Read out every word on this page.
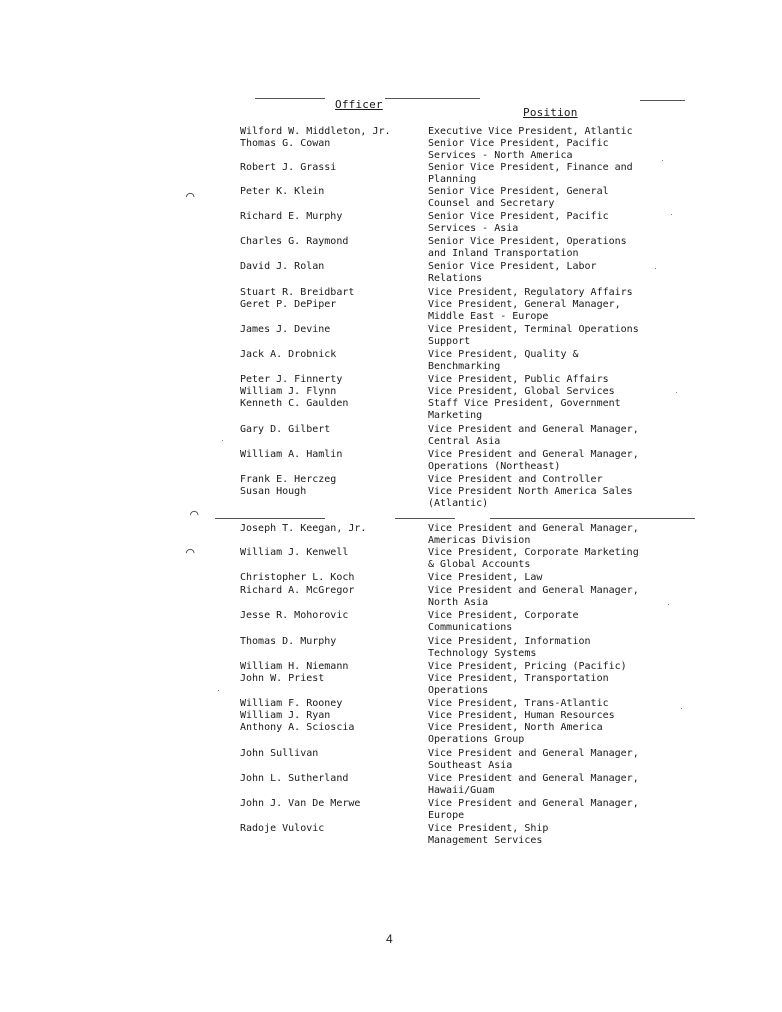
⌒
⌒
⌒
Officer
Position
Wilford W. Middleton, Jr.	Executive Vice President, Atlantic
Thomas G. Cowan	Senior Vice President, Pacific
Services - North America
Robert J. Grassi	Senior Vice President, Finance and
Planning
Peter K. Klein	Senior Vice President, General
Counsel and Secretary
Richard E. Murphy	Senior Vice President, Pacific
Services - Asia
Charles G. Raymond	Senior Vice President, Operations
and Inland Transportation
David J. Rolan	Senior Vice President, Labor
Relations
Stuart R. Breidbart	Vice President, Regulatory Affairs
Geret P. DePiper	Vice President, General Manager,
Middle East - Europe
James J. Devine	Vice President, Terminal Operations
Support
Jack A. Drobnick	Vice President, Quality &
Benchmarking
Peter J. Finnerty	Vice President, Public Affairs
William J. Flynn	Vice President, Global Services
Kenneth C. Gaulden	Staff Vice President, Government
Marketing
Gary D. Gilbert	Vice President and General Manager,
Central Asia
William A. Hamlin	Vice President and General Manager,
Operations (Northeast)
Frank E. Herczeg	Vice President and Controller
Susan Hough	Vice President North America Sales
(Atlantic)
Joseph T. Keegan, Jr.	Vice President and General Manager,
Americas Division
William J. Kenwell	Vice President, Corporate Marketing
& Global Accounts
Christopher L. Koch	Vice President, Law
Richard A. McGregor	Vice President and General Manager,
North Asia
Jesse R. Mohorovic	Vice President, Corporate
Communications
Thomas D. Murphy	Vice President, Information
Technology Systems
William H. Niemann	Vice President, Pricing (Pacific)
John W. Priest	Vice President, Transportation
Operations
William F. Rooney	Vice President, Trans-Atlantic
William J. Ryan	Vice President, Human Resources
Anthony A. Scioscia	Vice President, North America
Operations Group
John Sullivan	Vice President and General Manager,
Southeast Asia
John L. Sutherland	Vice President and General Manager,
Hawaii/Guam
John J. Van De Merwe	Vice President and General Manager,
Europe
Radoje Vulovic	Vice President, Ship
Management Services
4
